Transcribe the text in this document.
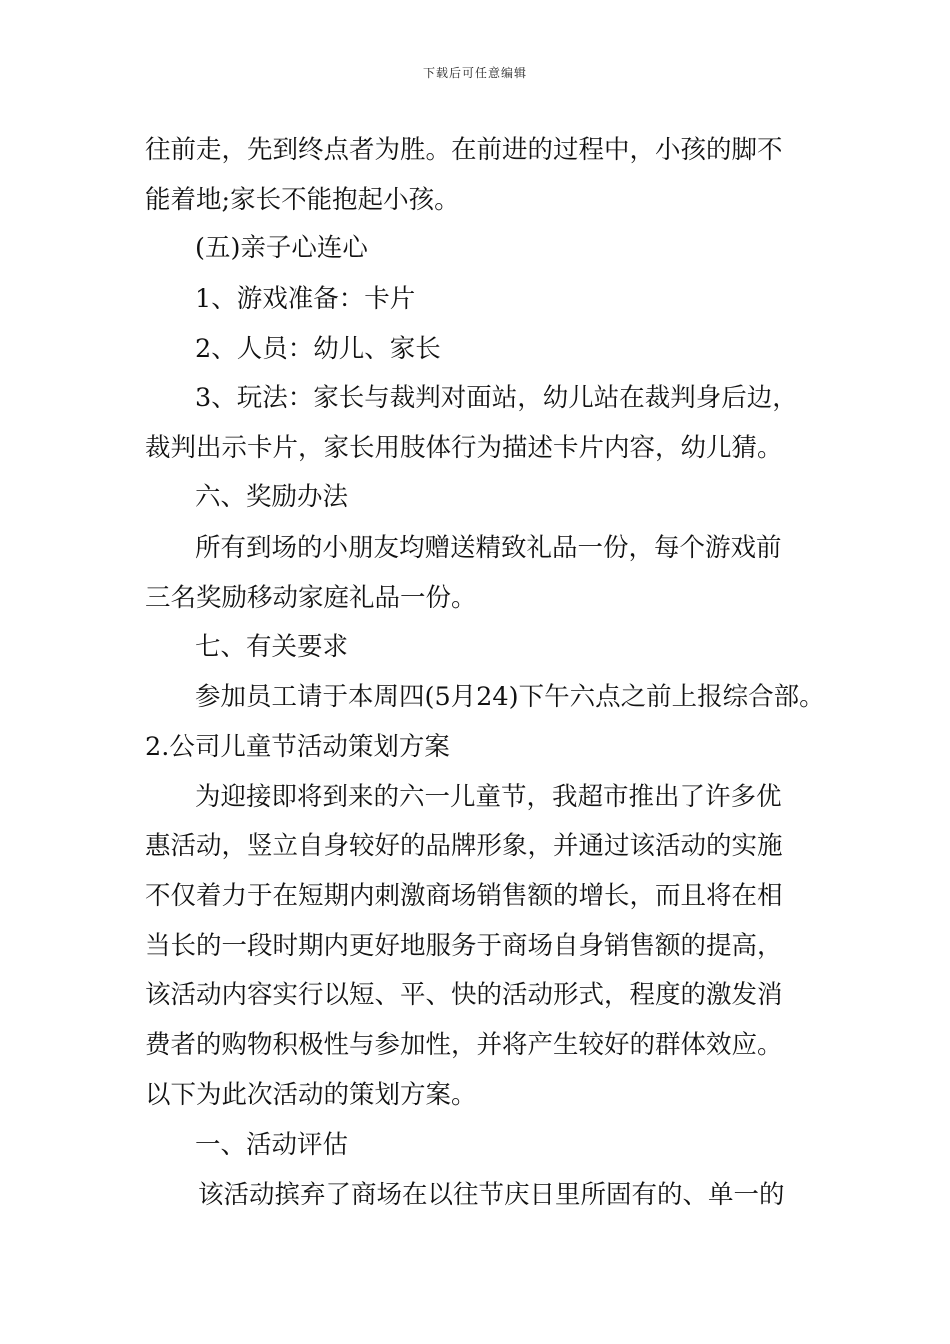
下载后可任意编辑
往前走，先到终点者为胜。在前进的过程中，小孩的脚不
能着地;家长不能抱起小孩。
(五)亲子心连心
1、游戏准备：卡片
2、人员：幼儿、家长
3、玩法：家长与裁判对面站，幼儿站在裁判身后边，
裁判出示卡片，家长用肢体行为描述卡片内容，幼儿猜。
六、奖励办法
所有到场的小朋友均赠送精致礼品一份，每个游戏前
三名奖励移动家庭礼品一份。
七、有关要求
参加员工请于本周四(5月24)下午六点之前上报综合部。
2.公司儿童节活动策划方案
为迎接即将到来的六一儿童节，我超市推出了许多优
惠活动，竖立自身较好的品牌形象，并通过该活动的实施
不仅着力于在短期内刺激商场销售额的增长，而且将在相
当长的一段时期内更好地服务于商场自身销售额的提高，
该活动内容实行以短、平、快的活动形式，程度的激发消
费者的购物积极性与参加性，并将产生较好的群体效应。
以下为此次活动的策划方案。
一、活动评估
该活动摈弃了商场在以往节庆日里所固有的、单一的
